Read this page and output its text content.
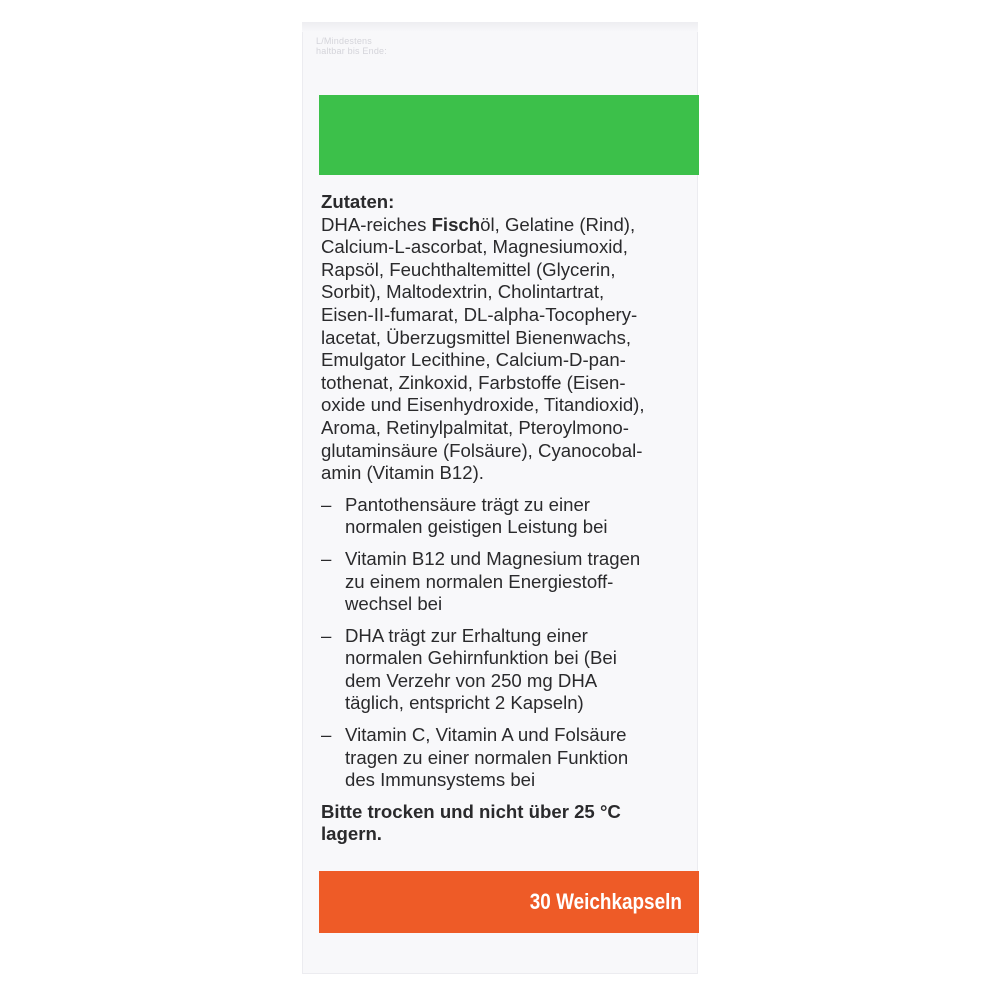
L/Mindestens
haltbar bis Ende:
Zutaten:
DHA-reiches Fischöl, Gelatine (Rind),
Calcium-L-ascorbat, Magnesiumoxid,
Rapsöl, Feuchthaltemittel (Glycerin,
Sorbit), Maltodextrin, Cholintartrat,
Eisen-II-fumarat, DL-alpha-Tocophery-
lacetat, Überzugsmittel Bienenwachs,
Emulgator Lecithine, Calcium-D-pan-
tothenat, Zinkoxid, Farbstoffe (Eisen-
oxide und Eisenhydroxide, Titandioxid),
Aroma, Retinylpalmitat, Pteroylmono-
glutaminsäure (Folsäure), Cyanocobal-
amin (Vitamin B12).
– Pantothensäure trägt zu einer
normalen geistigen Leistung bei
– Vitamin B12 und Magnesium tragen
zu einem normalen Energiestoff-
wechsel bei
– DHA trägt zur Erhaltung einer
normalen Gehirnfunktion bei (Bei
dem Verzehr von 250 mg DHA
täglich, entspricht 2 Kapseln)
– Vitamin C, Vitamin A und Folsäure
tragen zu einer normalen Funktion
des Immunsystems bei
Bitte trocken und nicht über 25 °C
lagern.
30 Weichkapseln
